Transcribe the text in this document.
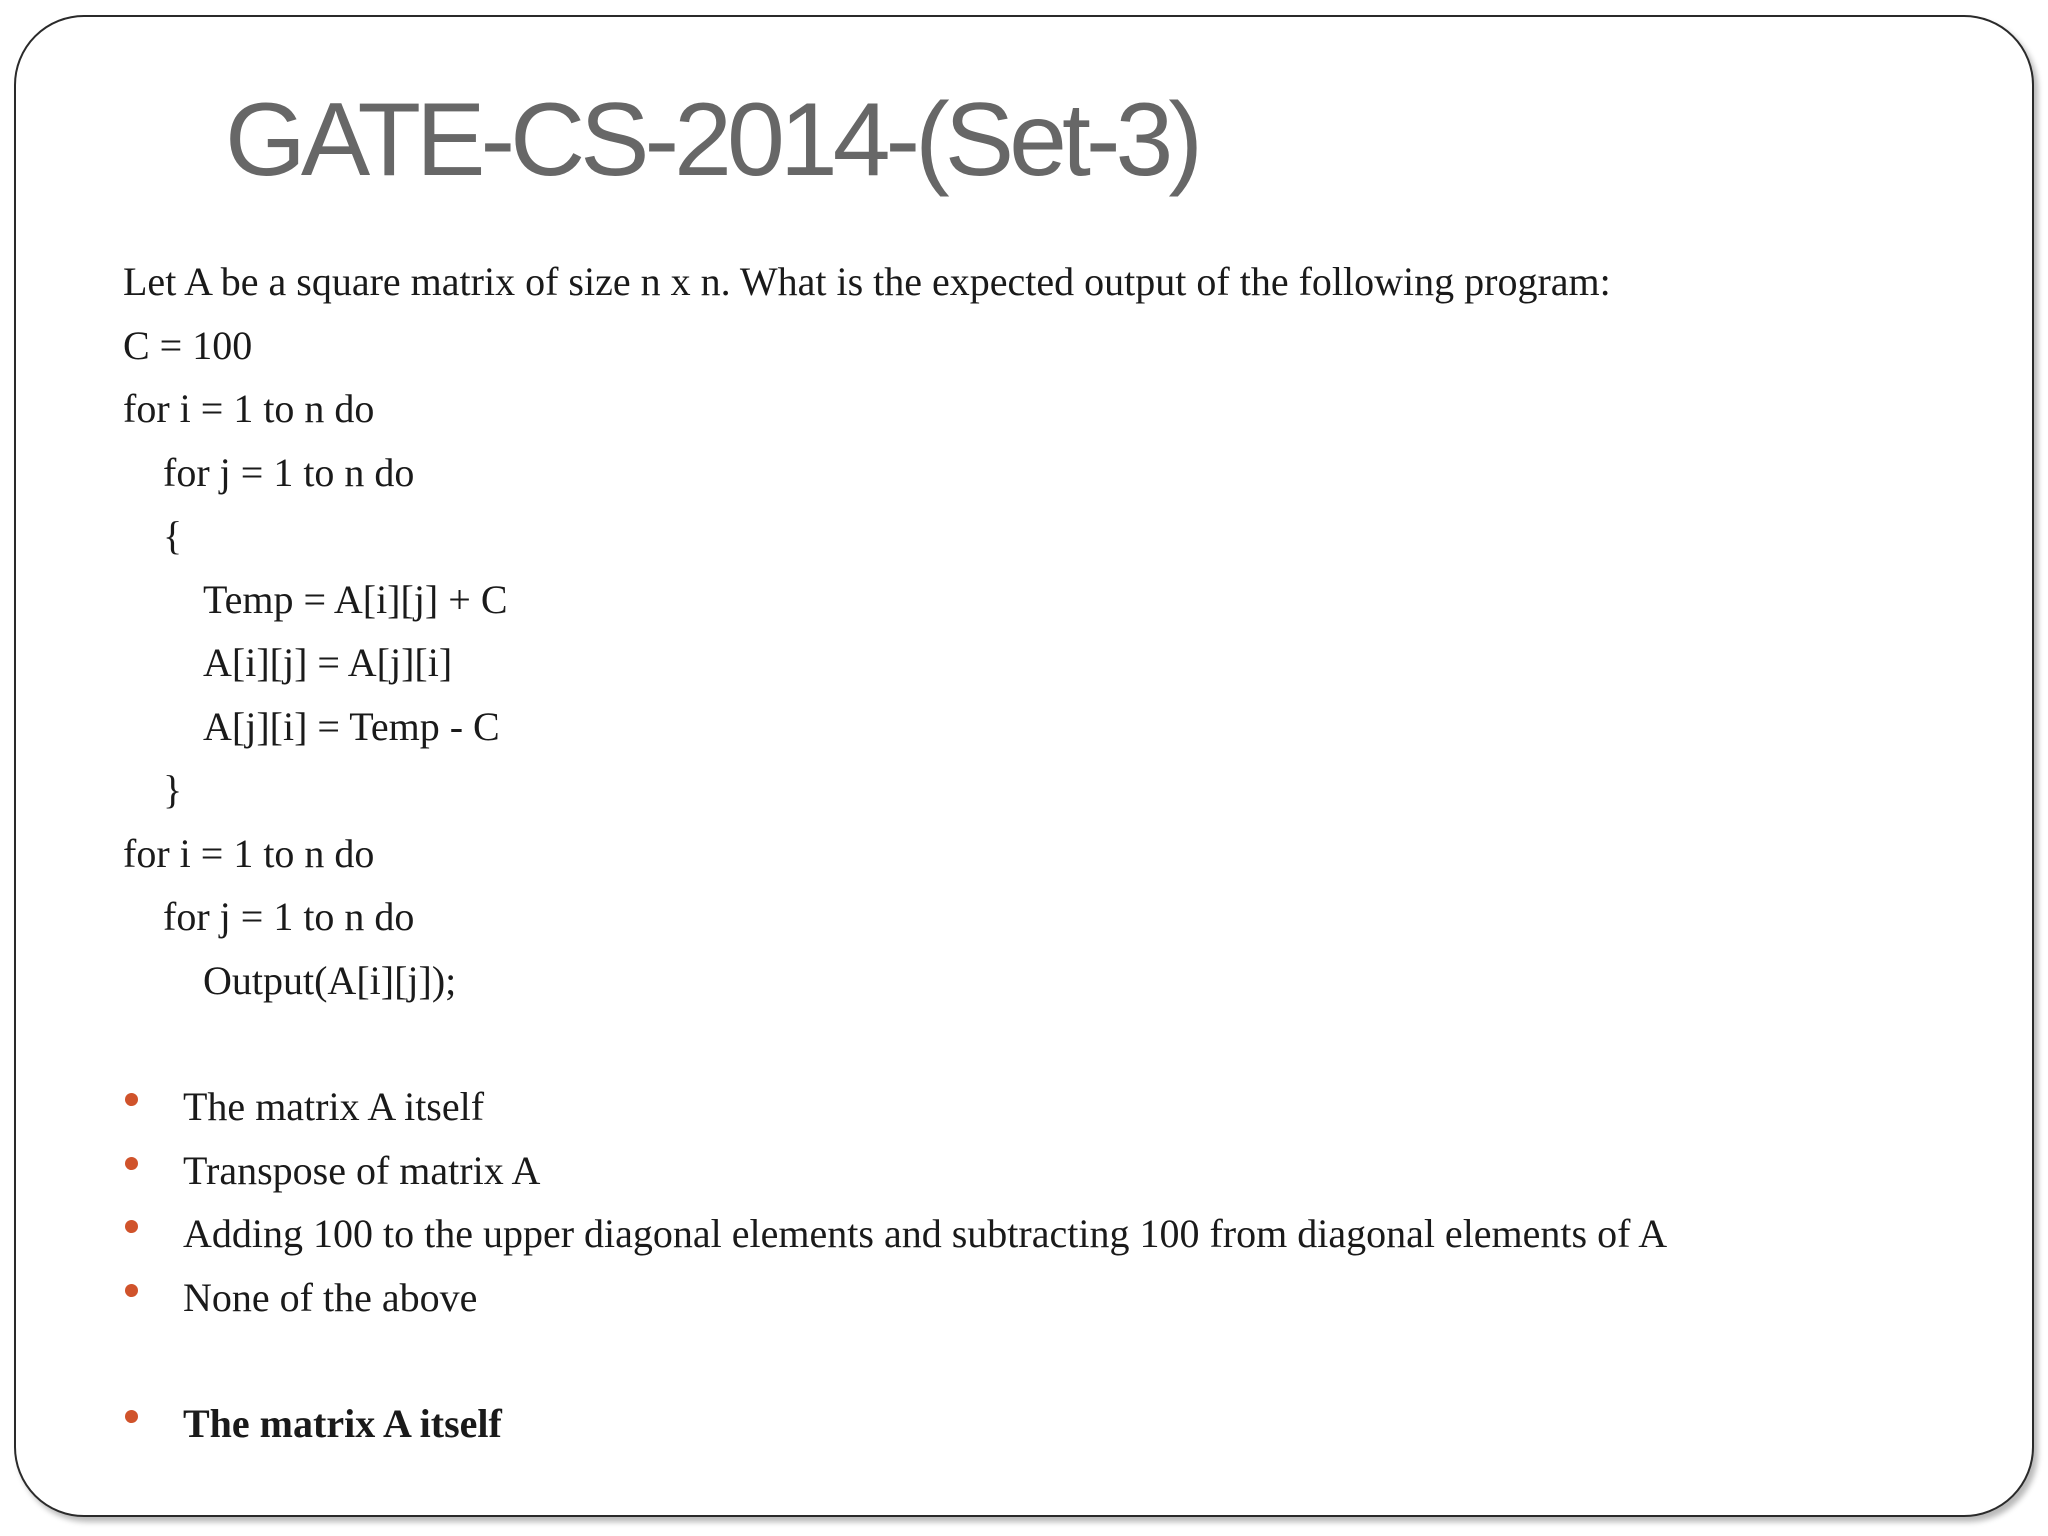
GATE-CS-2014-(Set-3)
Let A be a square matrix of size n x n. What is the expected output of the following program:
C = 100
for i = 1 to n do
for j = 1 to n do
{
Temp = A[i][j] + C
A[i][j] = A[j][i]
A[j][i] = Temp - C
}
for i = 1 to n do
for j = 1 to n do
Output(A[i][j]);
The matrix A itself
Transpose of matrix A
Adding 100 to the upper diagonal elements and subtracting 100 from diagonal elements of A
None of the above
The matrix A itself
